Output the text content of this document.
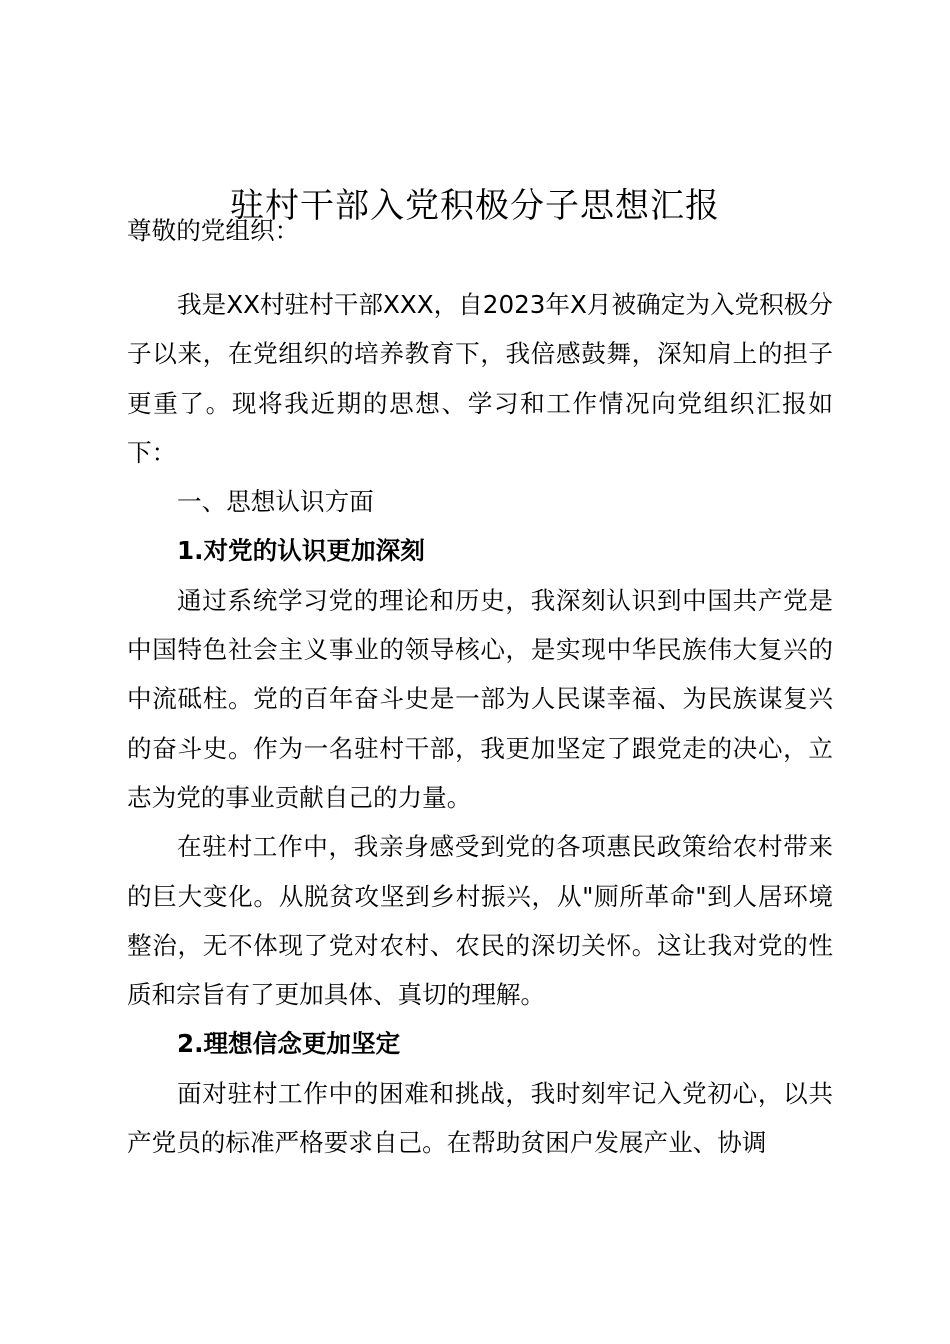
驻村干部入党积极分子思想汇报
尊敬的党组织：

我是XX村驻村干部XXX，自2023年X月被确定为入党积极分子以来，在党组织的培养教育下，我倍感鼓舞，深知肩上的担子更重了。现将我近期的思想、学习和工作情况向党组织汇报如下：

一、思想认识方面

1.对党的认识更加深刻

通过系统学习党的理论和历史，我深刻认识到中国共产党是中国特色社会主义事业的领导核心，是实现中华民族伟大复兴的中流砥柱。党的百年奋斗史是一部为人民谋幸福、为民族谋复兴的奋斗史。作为一名驻村干部，我更加坚定了跟党走的决心，立志为党的事业贡献自己的力量。

在驻村工作中，我亲身感受到党的各项惠民政策给农村带来的巨大变化。从脱贫攻坚到乡村振兴，从"厕所革命"到人居环境整治，无不体现了党对农村、农民的深切关怀。这让我对党的性质和宗旨有了更加具体、真切的理解。

2.理想信念更加坚定

面对驻村工作中的困难和挑战，我时刻牢记入党初心，以共产党员的标准严格要求自己。在帮助贫困户发展产业、协调
